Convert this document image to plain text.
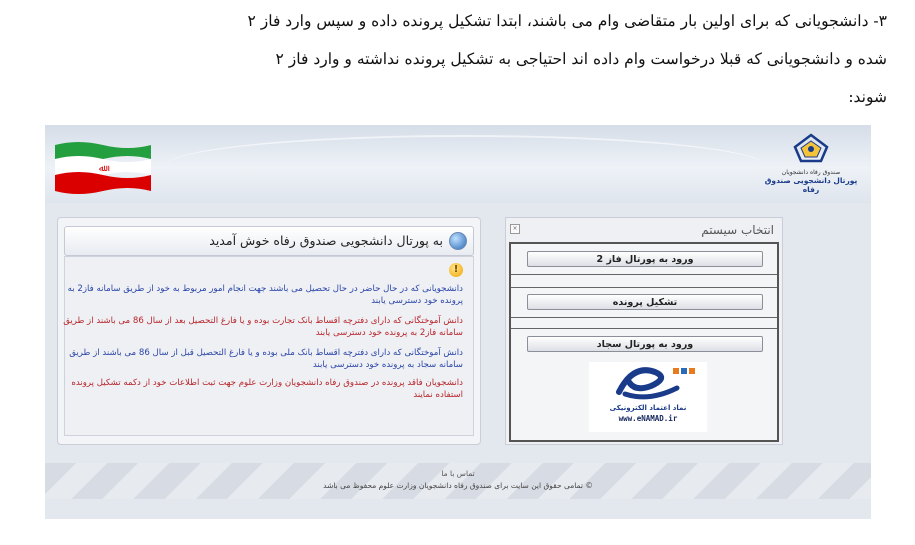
۳- دانشجویانی که برای اولین بار متقاضی وام می باشند، ابتدا تشکیل پرونده داده و سپس وارد فاز ۲
شده و دانشجویانی که قبلا درخواست وام داده اند احتیاجی به تشکیل پرونده نداشته و وارد فاز ۲
شوند:
ﷲ	صندوق رفاه دانشجویان
پورتال دانشجویی صندوق رفاه
به پورتال دانشجویی صندوق رفاه خوش آمدید
!
دانشجویانی که در حال حاضر در حال تحصیل می باشند جهت انجام امور مربوط به خود از طریق سامانه فاز2 به پرونده خود دسترسی یابند
دانش آموختگانی که دارای دفترچه اقساط بانک تجارت بوده و یا فارغ التحصیل بعد از سال 86 می باشند از طریق سامانه فاز2 به پرونده خود دسترسی یابند
دانش آموختگانی که دارای دفترچه اقساط بانک ملی بوده و یا فارغ التحصیل قبل از سال 86 می باشند از طریق سامانه سجاد به پرونده خود دسترسی یابند
دانشجویان فاقد پرونده در صندوق رفاه دانشجویان وزارت علوم جهت ثبت اطلاعات خود از دکمه تشکیل پرونده استفاده نمایند
×	انتخاب سیستم
ورود به پورتال فاز 2
تشکیل پرونده
ورود به پورتال سجاد
نماد اعتماد الکترونیکی
www.eNAMAD.ir
تماس با ما
© تمامی حقوق این سایت برای صندوق رفاه دانشجویان وزارت علوم محفوظ می باشد
